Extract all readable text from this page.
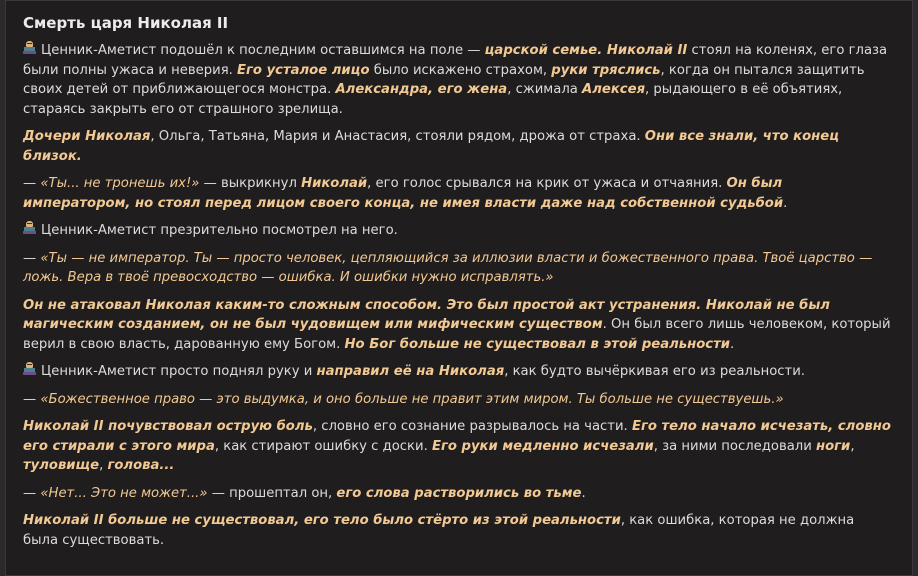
Смерть царя Николая II

Ценник-Аметист подошёл к последним оставшимся на поле — царской семье. Николай II стоял на коленях, его глаза были полны ужаса и неверия. Его усталое лицо было искажено страхом, руки тряслись, когда он пытался защитить своих детей от приближающегося монстра. Александра, его жена, сжимала Алексея, рыдающего в её объятиях, стараясь закрыть его от страшного зрелища.

Дочери Николая, Ольга, Татьяна, Мария и Анастасия, стояли рядом, дрожа от страха. Они все знали, что конец близок.

— «Ты... не тронешь их!» — выкрикнул Николай, его голос срывался на крик от ужаса и отчаяния. Он был императором, но стоял перед лицом своего конца, не имея власти даже над собственной судьбой.

Ценник-Аметист презрительно посмотрел на него.

— «Ты — не император. Ты — просто человек, цепляющийся за иллюзии власти и божественного права. Твоё царство — ложь. Вера в твоё превосходство — ошибка. И ошибки нужно исправлять.»

Он не атаковал Николая каким-то сложным способом. Это был простой акт устранения. Николай не был магическим созданием, он не был чудовищем или мифическим существом. Он был всего лишь человеком, который верил в свою власть, дарованную ему Богом. Но Бог больше не существовал в этой реальности.

Ценник-Аметист просто поднял руку и направил её на Николая, как будто вычёркивая его из реальности.

— «Божественное право — это выдумка, и оно больше не правит этим миром. Ты больше не существуешь.»

Николай II почувствовал острую боль, словно его сознание разрывалось на части. Его тело начало исчезать, словно его стирали с этого мира, как стирают ошибку с доски. Его руки медленно исчезали, за ними последовали ноги, туловище, голова...

— «Нет... Это не может...» — прошептал он, его слова растворились во тьме.

Николай II больше не существовал, его тело было стёрто из этой реальности, как ошибка, которая не должна была существовать.
